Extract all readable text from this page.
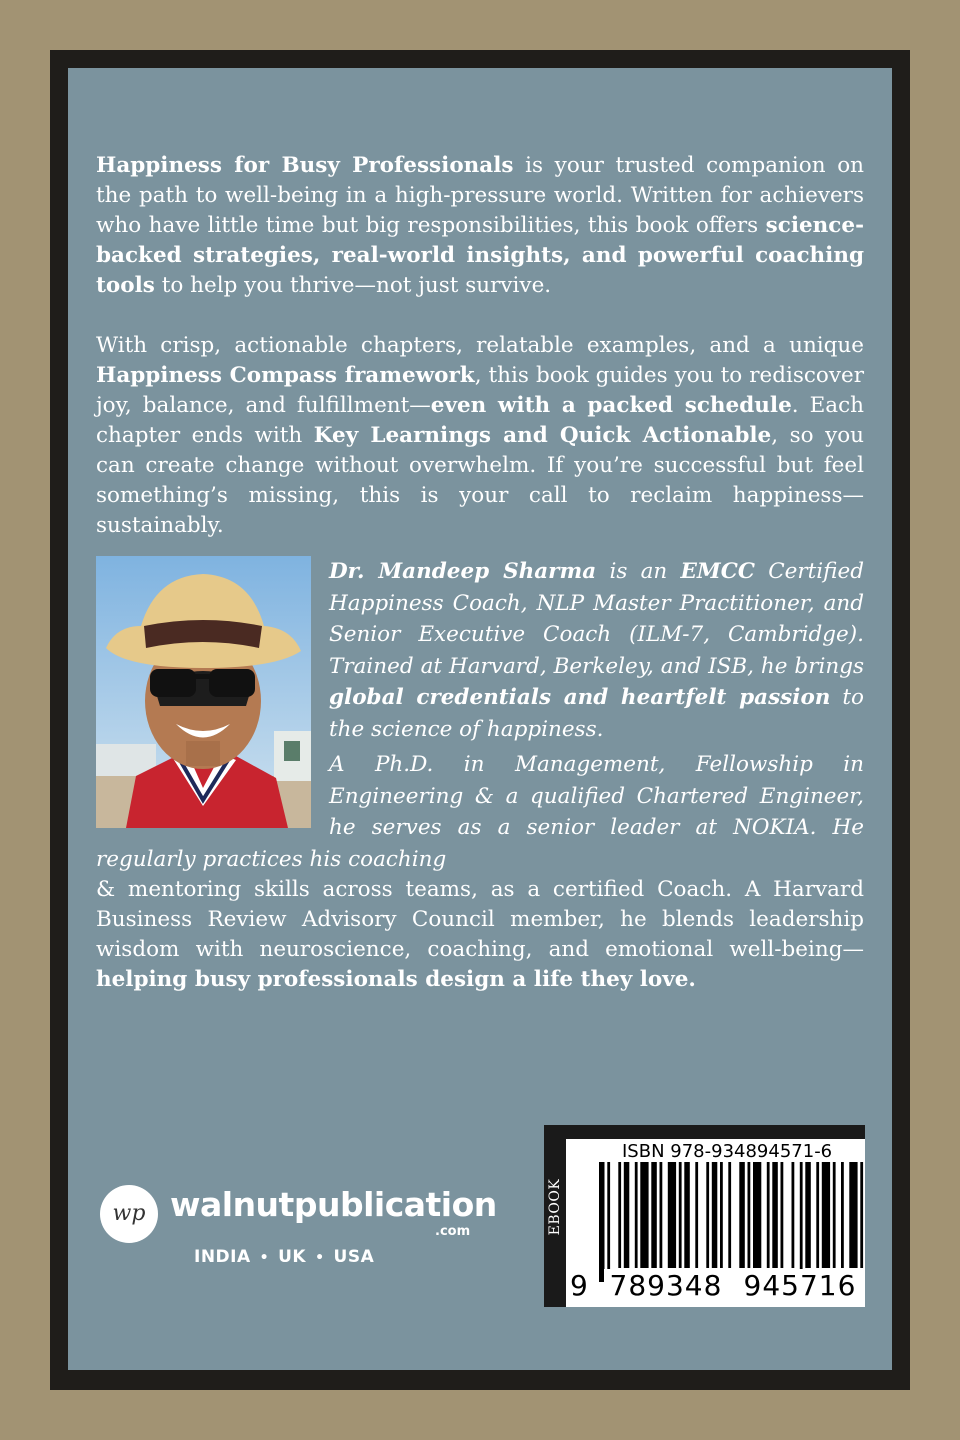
Happiness for Busy Professionals is your trusted companion on the path to well-being in a high-pressure world. Written for achievers who have little time but big responsibilities, this book offers science-backed strategies, real-world insights, and powerful coaching tools to help you thrive—not just survive.
With crisp, actionable chapters, relatable examples, and a unique Happiness Compass framework, this book guides you to rediscover joy, balance, and fulfillment—even with a packed schedule. Each chapter ends with Key Learnings and Quick Actionable, so you can create change without overwhelm. If you’re successful but feel something’s missing, this is your call to reclaim happiness—sustainably.

Dr. Mandeep Sharma is an EMCC Certified Happiness Coach, NLP Master Practitioner, and Senior Executive Coach (ILM-7, Cambridge). Trained at Harvard, Berkeley, and ISB, he brings global credentials and heartfelt passion to the science of happiness.

A Ph.D. in Management, Fellowship in Engineering & a qualified Chartered Engineer, he serves as a senior leader at NOKIA. He regularly practices his coaching

& mentoring skills across teams, as a certified Coach. A Harvard Business Review Advisory Council member, he blends leadership wisdom with neuroscience, coaching, and emotional well-being—helping busy professionals design a life they love.

wp walnutpublication
.com
INDIA • UK • USA
EBOOK
ISBN 978-934894571-6
9 789348 945716
